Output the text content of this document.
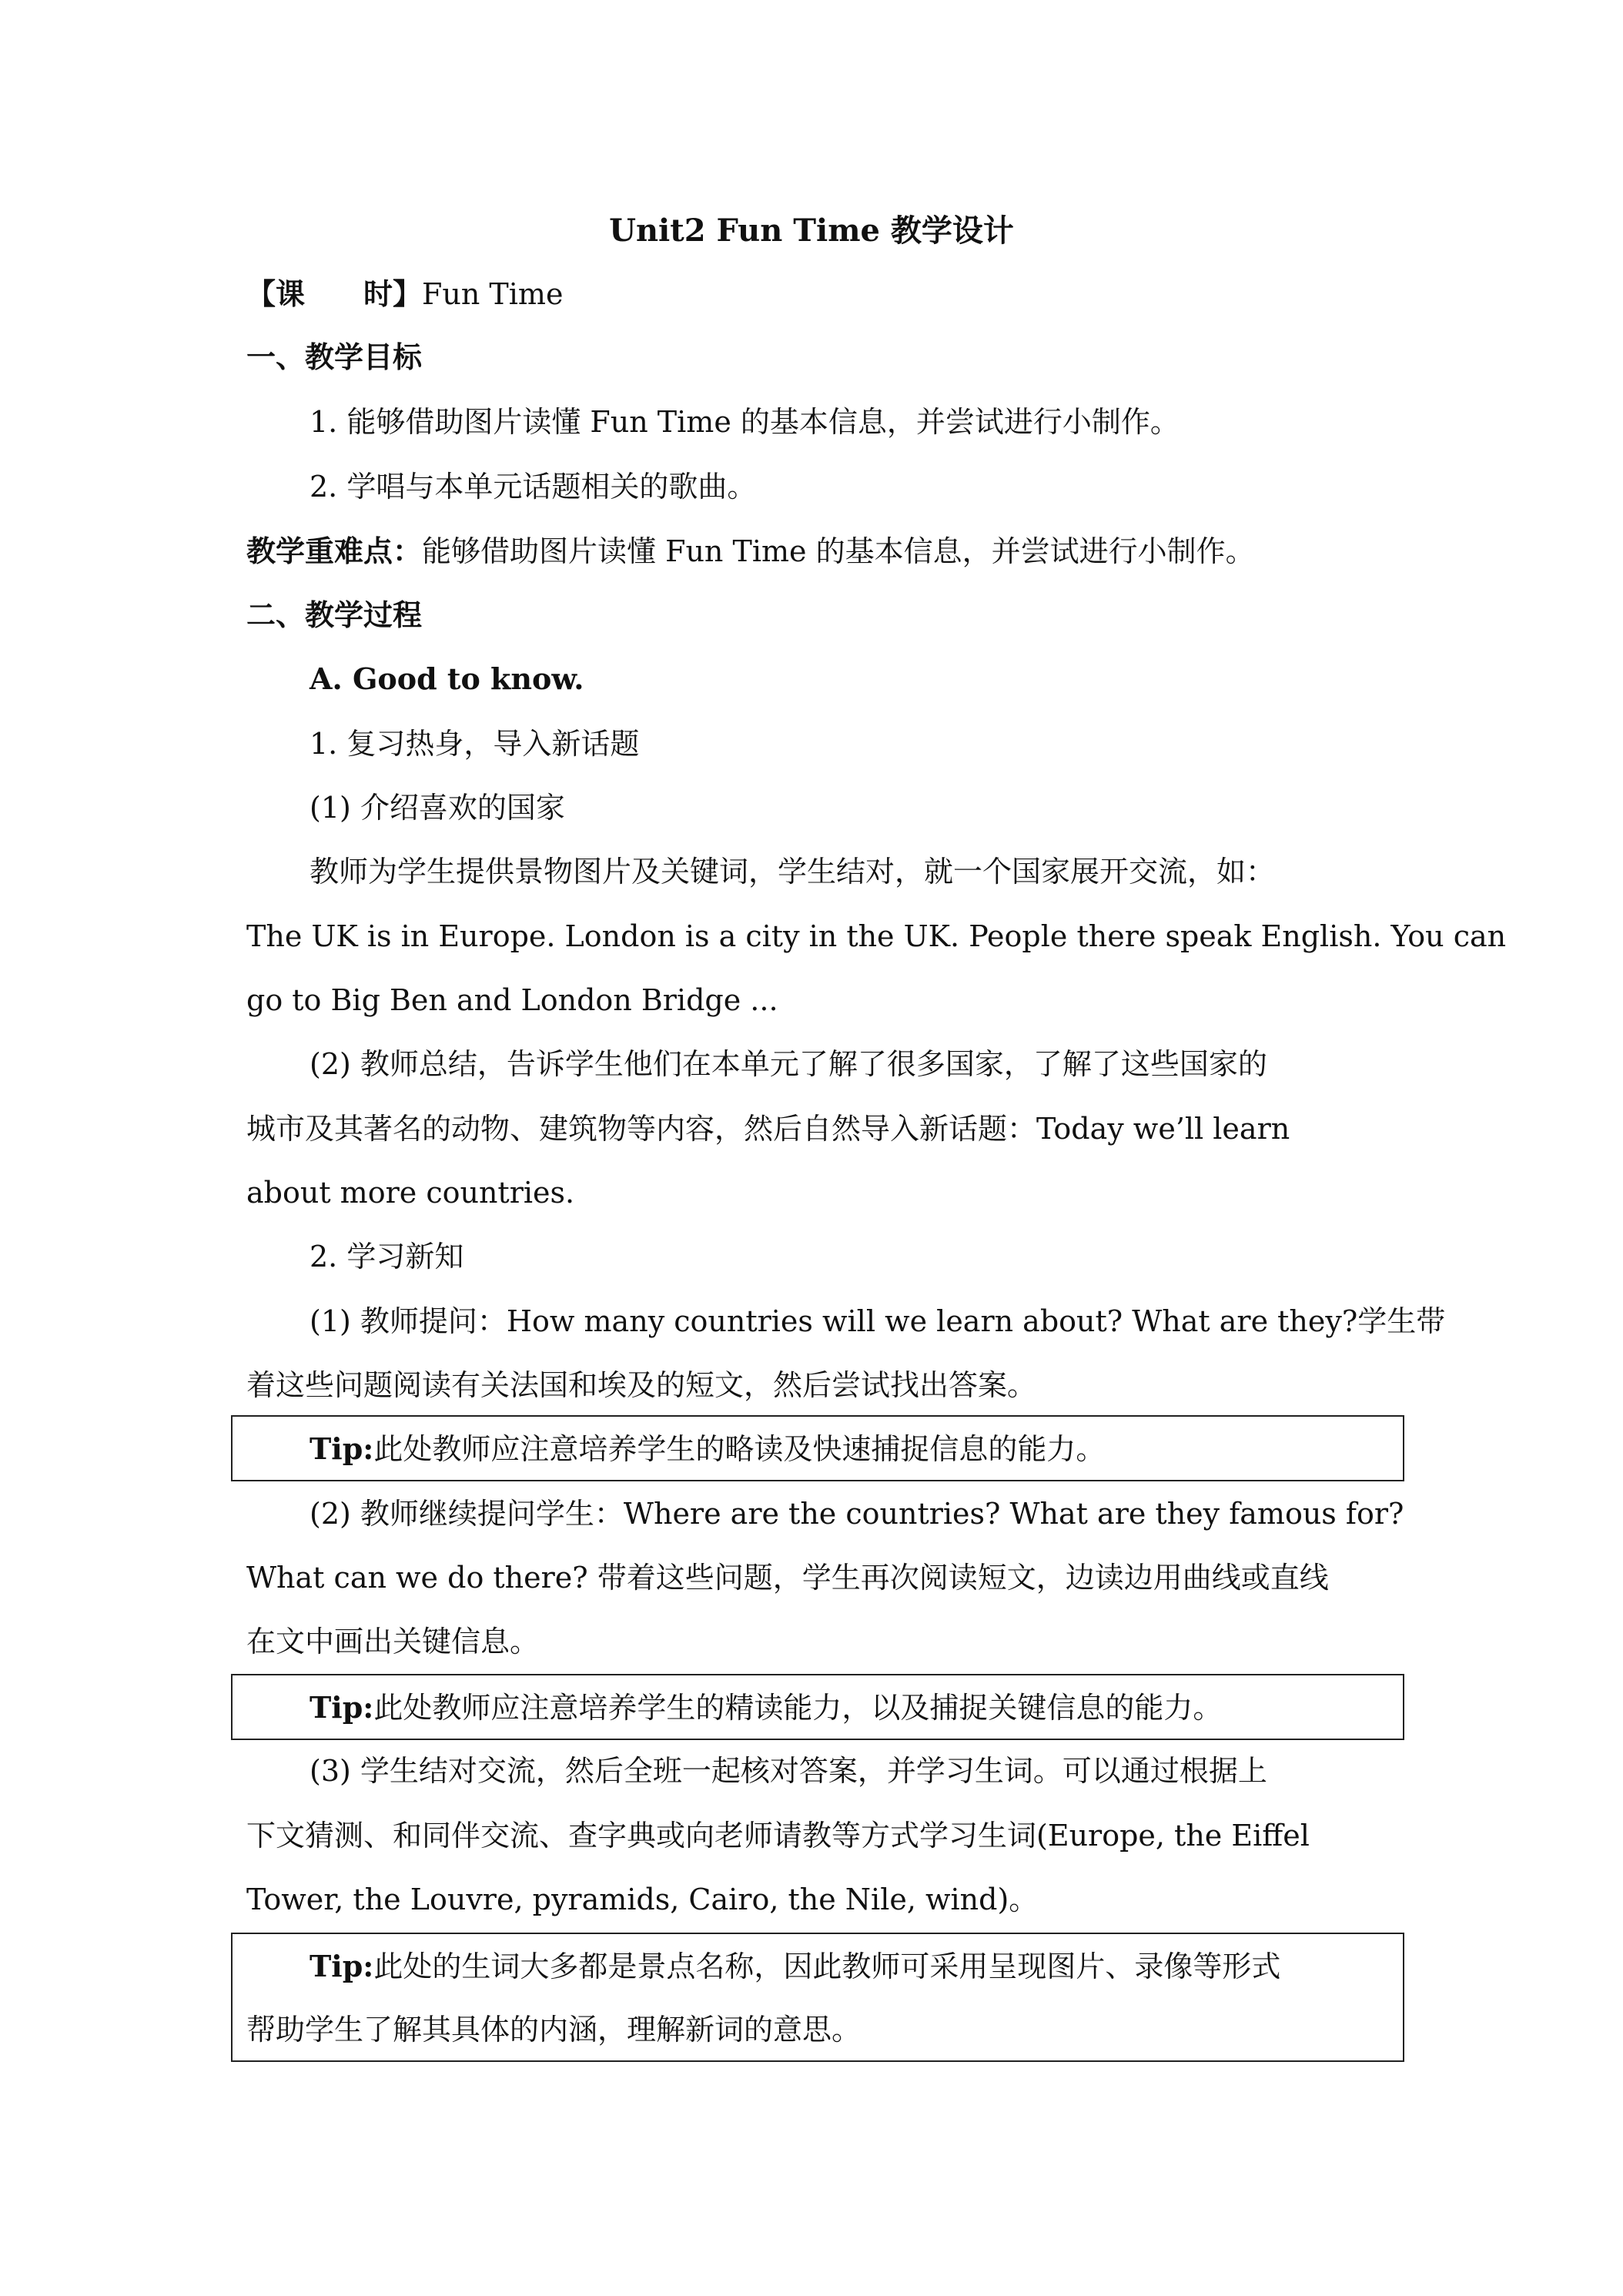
Unit2 Fun Time 教学设计
【课 时】Fun Time
一、教学目标
1. 能够借助图片读懂 Fun Time 的基本信息，并尝试进行小制作。
2. 学唱与本单元话题相关的歌曲。
教学重难点：能够借助图片读懂 Fun Time 的基本信息，并尝试进行小制作。
二、教学过程
A. Good to know.
1. 复习热身，导入新话题
(1) 介绍喜欢的国家
教师为学生提供景物图片及关键词，学生结对，就一个国家展开交流，如：
The UK is in Europe. London is a city in the UK. People there speak English. You can
go to Big Ben and London Bridge ...
(2) 教师总结，告诉学生他们在本单元了解了很多国家，了解了这些国家的
城市及其著名的动物、建筑物等内容，然后自然导入新话题：Today we’ll learn
about more countries.
2. 学习新知
(1) 教师提问：How many countries will we learn about? What are they?学生带
着这些问题阅读有关法国和埃及的短文，然后尝试找出答案。
Tip:此处教师应注意培养学生的略读及快速捕捉信息的能力。
(2) 教师继续提问学生：Where are the countries? What are they famous for?
What can we do there? 带着这些问题，学生再次阅读短文，边读边用曲线或直线
在文中画出关键信息。
Tip:此处教师应注意培养学生的精读能力，以及捕捉关键信息的能力。
(3) 学生结对交流，然后全班一起核对答案，并学习生词。可以通过根据上
下文猜测、和同伴交流、查字典或向老师请教等方式学习生词(Europe, the Eiffel
Tower, the Louvre, pyramids, Cairo, the Nile, wind)。
Tip:此处的生词大多都是景点名称，因此教师可采用呈现图片、录像等形式
帮助学生了解其具体的内涵，理解新词的意思。
